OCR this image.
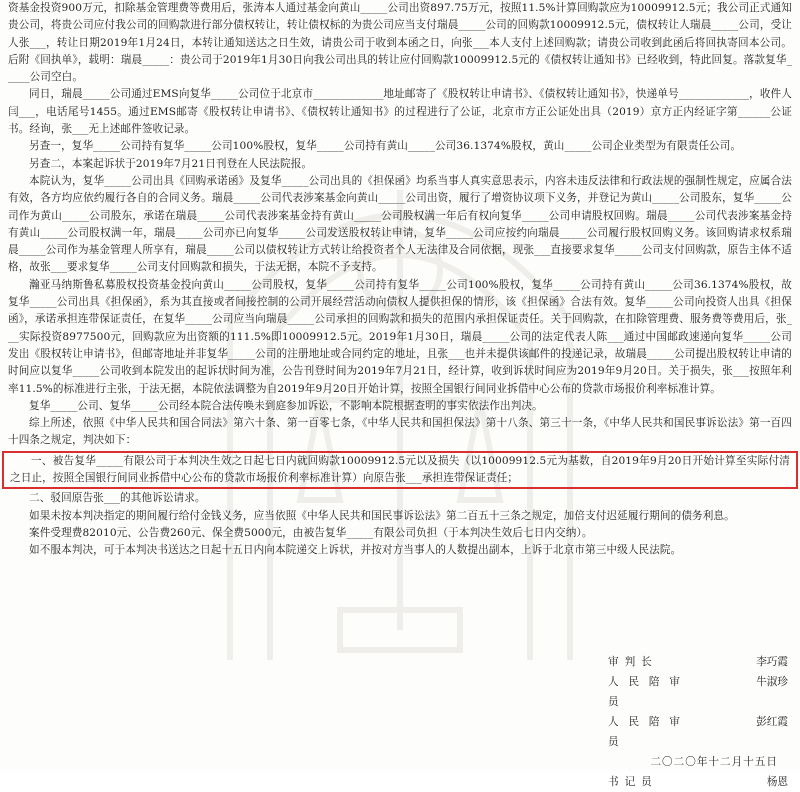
资基金投资900万元，扣除基金管理费等费用后，张涛本人通过基金向黄山_____公司出资897.75万元，按照11.5%计算回购款应为10009912.5元；我公司正式通知贵公司，将贵公司应付我公司的回购款进行部分债权转让，转让债权标的为贵公司应当支付瑞晨_____公司的回购款10009912.5元，债权转让人瑞晨_____公司，受让人张___，转让日期2019年1月24日，本转让通知送达之日生效，请贵公司于收到本函之日，向张___本人支付上述回购款；请贵公司收到此函后将回执寄回本公司。后附《回执单》，载明：瑞晨_____：贵公司于2019年1月30日向我公司出具的转让应付回购款10009912.5元的《债权转让通知书》已经收到，特此回复。落款复华_____公司空白。

同日，瑞晨_____公司通过EMS向复华_____公司位于北京市_____________地址邮寄了《股权转让申请书》、《债权转让通知书》，快递单号_____________，收件人闫___，电话尾号1455。通过EMS邮寄《股权转让申请书》、《债权转让通知书》的过程进行了公证，北京市方正公证处出具（2019）京方正内经证字第______公证书。经询，张___无上述邮件签收记录。

另查一，复华_____公司持有复华_____公司100%股权，复华_____公司持有黄山_____公司36.1374%股权，黄山_____公司企业类型为有限责任公司。

另查二，本案起诉状于2019年7月21日刊登在人民法院报。

本院认为，复华_____公司出具《回购承诺函》及复华_____公司出具的《担保函》均系当事人真实意思表示，内容未违反法律和行政法规的强制性规定，应属合法有效，各方均应依约履行各自的合同义务。瑞晨_____公司代表涉案基金向黄山_____公司出资，履行了增资协议项下义务，并登记为黄山_____公司股东，复华_____公司作为黄山_____公司股东，承诺在瑞晨_____公司代表涉案基金持有黄山_____公司股权满一年后有权向复华_____公司申请股权回购。瑞晨_____公司代表涉案基金持有黄山_____公司股权满一年，瑞晨_____公司亦已向复华_____公司发送股权转让申请，复华_____公司应按约向瑞晨_____公司履行股权回购义务。该回购请求权系瑞晨_____公司作为基金管理人所享有，瑞晨_____公司以债权转让方式转让给投资者个人无法律及合同依据，现张___直接要求复华_____公司支付回购款，原告主体不适格，故张___要求复华_____公司支付回购款和损失，于法无据，本院不予支持。

瀚亚马纳斯鲁私募股权投资基金投向黄山_____公司股权，复华_____公司持有复华_____公司100%股权，复华_____公司持有黄山_____公司36.1374%股权，故复华_____公司出具《担保函》，系为其直接或者间接控制的公司开展经营活动向债权人提供担保的情形，该《担保函》合法有效。复华_____公司向投资人出具《担保函》，承诺承担连带保证责任，在复华_____公司应当向瑞晨_____公司承担的回购款和损失的范围内承担保证责任。关于回购款，在扣除管理费、服务费等费用后，张___实际投资8977500元，回购款应为出资额的111.5%即10009912.5元。2019年1月30日，瑞晨_____公司的法定代表人陈___通过中国邮政速递向复华_____公司发出《股权转让申请书》，但邮寄地址并非复华_____公司的注册地址或合同约定的地址，且张___也并未提供该邮件的投递记录，故瑞晨_____公司提出股权转让申请的时间应以复华_____公司收到本院发出的起诉状时间为准，公告刊登时间为2019年7月21日，经计算，收到诉状时间应为2019年9月20日。关于损失，张___按照年利率11.5%的标准进行主张，于法无据，本院依法调整为自2019年9月20日开始计算，按照全国银行间同业拆借中心公布的贷款市场报价利率标准计算。

复华_____公司、复华_____公司经本院合法传唤未到庭参加诉讼，不影响本院根据查明的事实依法作出判决。

综上所述，依照《中华人民共和国合同法》第六十条、第一百零七条，《中华人民共和国担保法》第十八条、第三十一条，《中华人民共和国民事诉讼法》第一百四十四条之规定，判决如下：

一、被告复华_____有限公司于本判决生效之日起七日内就回购款10009912.5元以及损失（以10009912.5元为基数，自2019年9月20日开始计算至实际付清之日止，按照全国银行间同业拆借中心公布的贷款市场报价利率标准计算）向原告张___承担连带保证责任；

二、驳回原告张___的其他诉讼请求。

如果未按本判决指定的期间履行给付金钱义务，应当依照《中华人民共和国民事诉讼法》第二百五十三条之规定，加倍支付迟延履行期间的债务利息。

案件受理费82010元、公告费260元、保全费5000元，由被告复华_____有限公司负担（于本判决生效后七日内交纳）。

如不服本判决，可于本判决书送达之日起十五日内向本院递交上诉状，并按对方当事人的人数提出副本，上诉于北京市第三中级人民法院。

审判长	李巧霞
人民陪审员
牛淑珍
人民陪审员
彭红霞
二〇二〇年十二月十五日
书记员	杨恩
